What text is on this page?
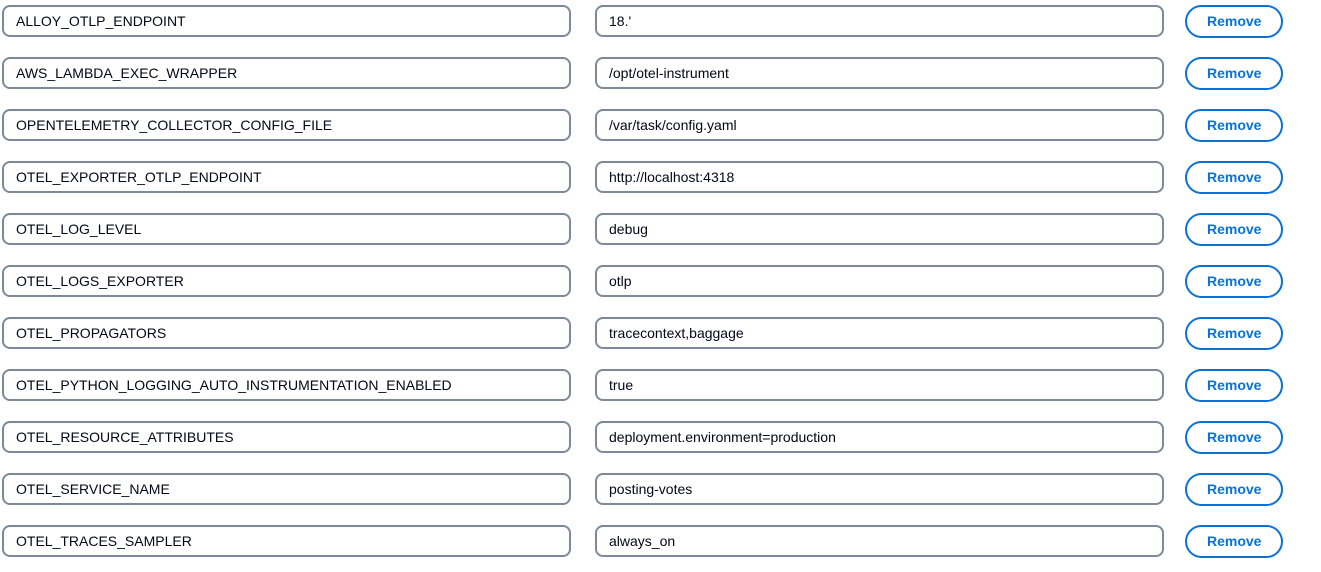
ALLOY_OTLP_ENDPOINT
18.'
Remove
AWS_LAMBDA_EXEC_WRAPPER
/opt/otel-instrument
Remove
OPENTELEMETRY_COLLECTOR_CONFIG_FILE
/var/task/config.yaml
Remove
OTEL_EXPORTER_OTLP_ENDPOINT
http://localhost:4318
Remove
OTEL_LOG_LEVEL
debug
Remove
OTEL_LOGS_EXPORTER
otlp
Remove
OTEL_PROPAGATORS
tracecontext,baggage
Remove
OTEL_PYTHON_LOGGING_AUTO_INSTRUMENTATION_ENABLED
true
Remove
OTEL_RESOURCE_ATTRIBUTES
deployment.environment=production
Remove
OTEL_SERVICE_NAME
posting-votes
Remove
OTEL_TRACES_SAMPLER
always_on
Remove
